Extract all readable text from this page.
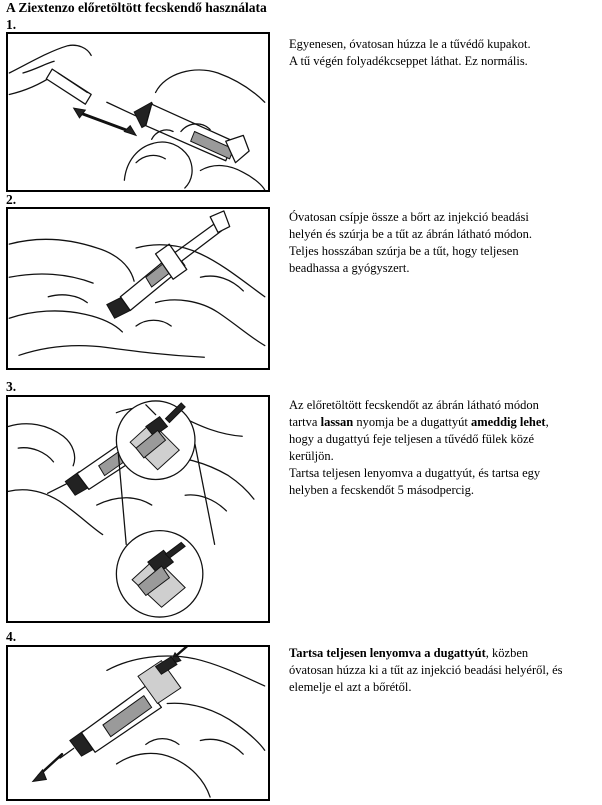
A Ziextenzo előretöltött fecskendő használata
1.

Egyenesen, óvatosan húzza le a tűvédő kupakot.

A tű végén folyadékcseppet láthat. Ez normális.

2.

Óvatosan csípje össze a bőrt az injekció beadási

helyén és szúrja be a tűt az ábrán látható módon.

Teljes hosszában szúrja be a tűt, hogy teljesen

beadhassa a gyógyszert.

3.

Az előretöltött fecskendőt az ábrán látható módon

tartva lassan nyomja be a dugattyút ameddig lehet,

hogy a dugattyú feje teljesen a tűvédő fülek közé

kerüljön.

Tartsa teljesen lenyomva a dugattyút, és tartsa egy

helyben a fecskendőt 5 másodpercig.

4.

Tartsa teljesen lenyomva a dugattyút, közben

óvatosan húzza ki a tűt az injekció beadási helyéről, és

elemelje el azt a bőrétől.
